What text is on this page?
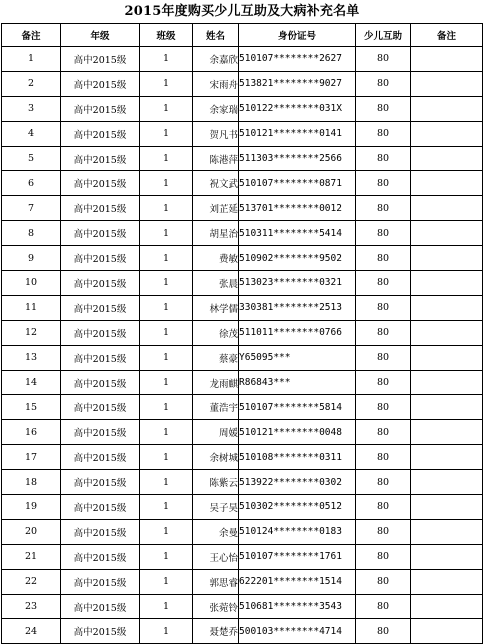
2015年度购买少儿互助及大病补充名单
备注	年级	班级	姓名	身份证号	少儿互助	备注
1	高中2015级	1	余嘉欣	510107********2627	80	
2	高中2015级	1	宋雨舟	513821********9027	80	
3	高中2015级	1	余家瑞	510122********031X	80	
4	高中2015级	1	贺凡书	510121********0141	80	
5	高中2015级	1	陈港萍	511303********2566	80	
6	高中2015级	1	祝文武	510107********0871	80	
7	高中2015级	1	刘芷延	513701********0012	80	
8	高中2015级	1	胡星治	510311********5414	80	
9	高中2015级	1	费敏	510902********9502	80	
10	高中2015级	1	张晨	513023********0321	80	
11	高中2015级	1	林学儒	330381********2513	80	
12	高中2015级	1	徐茂	511011********0766	80	
13	高中2015级	1	蔡豪	Y65095***	80	
14	高中2015级	1	龙雨麒	R86843***	80	
15	高中2015级	1	董浩宇	510107********5814	80	
16	高中2015级	1	周媛	510121********0048	80	
17	高中2015级	1	余树城	510108********0311	80	
18	高中2015级	1	陈紫云	513922********0302	80	
19	高中2015级	1	吴子昊	510302********0512	80	
20	高中2015级	1	余曼	510124********0183	80	
21	高中2015级	1	王心怡	510107********1761	80	
22	高中2015级	1	郭思睿	622201********1514	80	
23	高中2015级	1	张菀铃	510681********3543	80	
24	高中2015级	1	聂楚乔	500103********4714	80	
